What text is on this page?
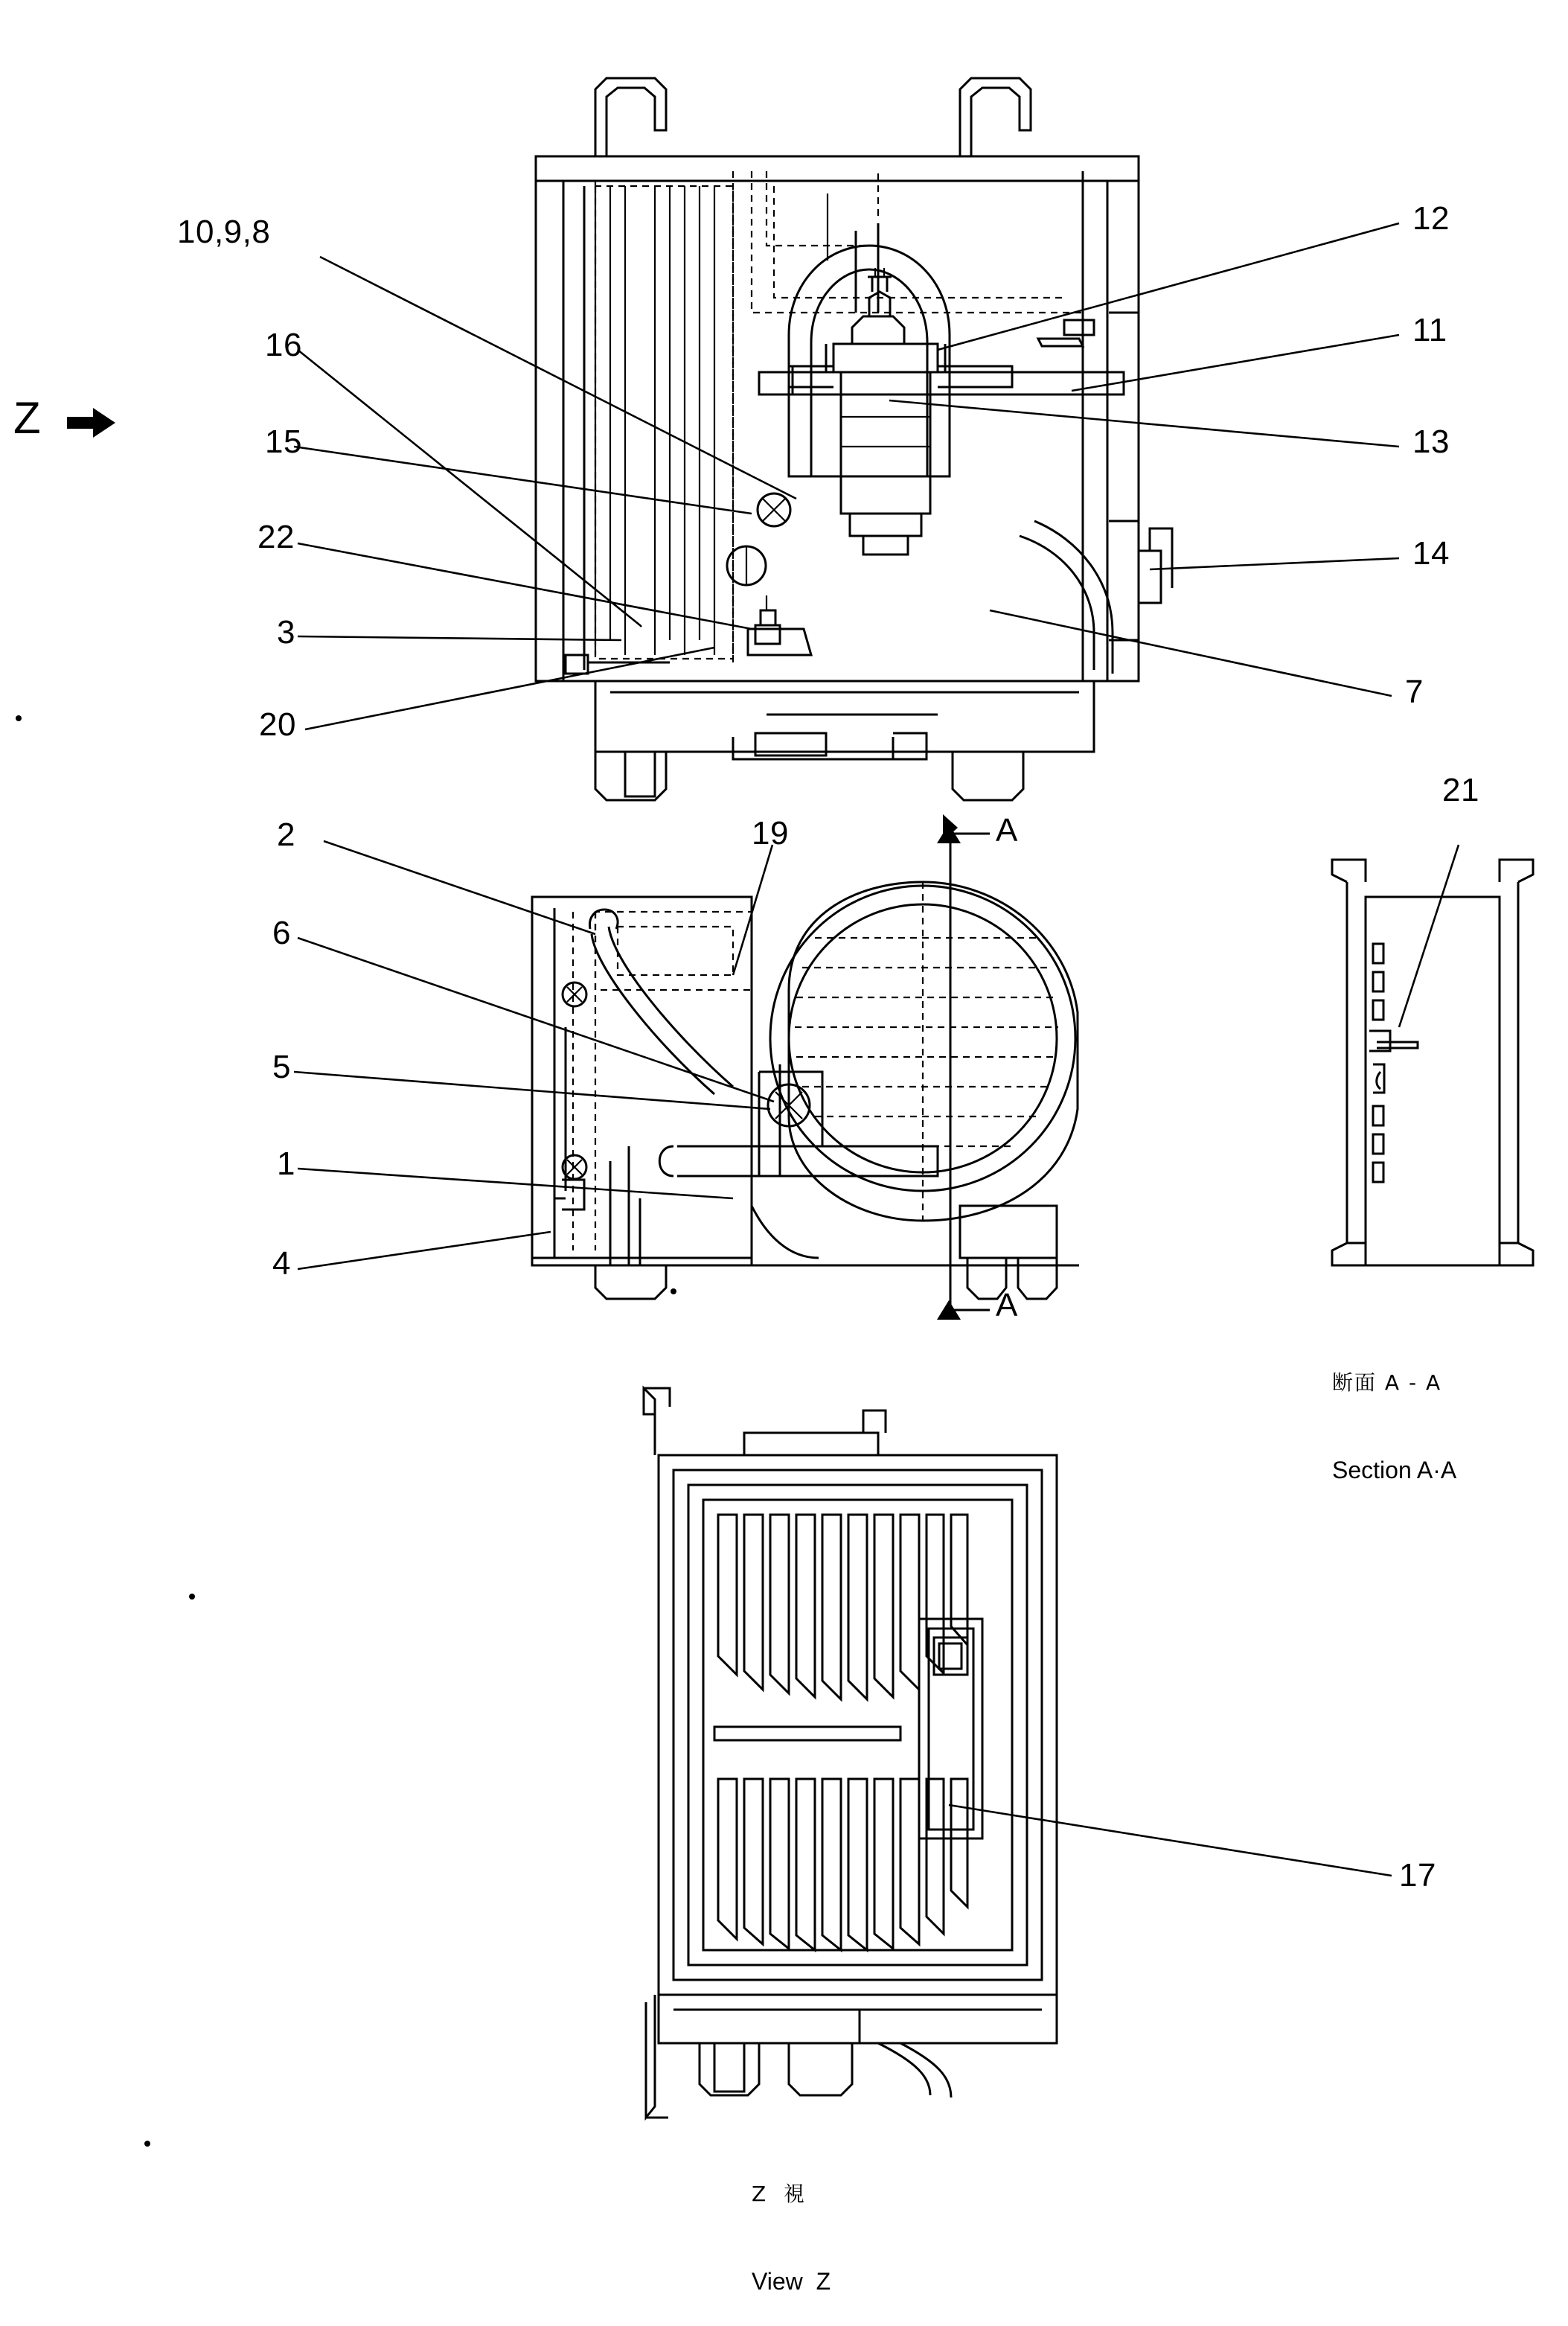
Z
10,9,8
16
15
22
3
20
12
11
13
14
7
2
6
5
1
4
19	A
A
21

断面 A - A

Section A·A

17

Z  視

View  Z
